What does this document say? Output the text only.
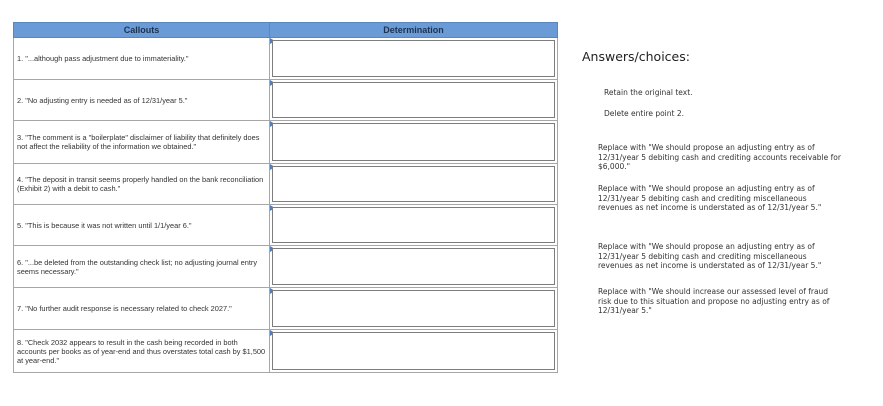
Callouts	Determination
1. "...although pass adjustment due to immateriality."	

2. "No adjusting entry is needed as of 12/31/year 5."	

3. "The comment is a "boilerplate" disclaimer of liability that definitely does not affect the reliability of the information we obtained."	

4. "The deposit in transit seems properly handled on the bank reconciliation (Exhibit 2) with a debit to cash."	

5. "This is because it was not written until 1/1/year 6."	

6. "...be deleted from the outstanding check list; no adjusting journal entry seems necessary."	

7. "No further audit response is necessary related to check 2027."	

8. "Check 2032 appears to result in the cash being recorded in both accounts per books as of year-end and thus overstates total cash by $1,500 at year-end."	
Answers/choices:
Retain the original text.
Delete entire point 2.
Replace with "We should propose an adjusting entry as of 12/31/year 5 debiting cash and crediting accounts receivable for $6,000."
Replace with "We should propose an adjusting entry as of 12/31/year 5 debiting cash and crediting miscellaneous revenues as net income is understated as of 12/31/year 5."
Replace with "We should propose an adjusting entry as of 12/31/year 5 debiting cash and crediting miscellaneous revenues as net income is understated as of 12/31/year 5."
Replace with "We should increase our assessed level of fraud risk due to this situation and propose no adjusting entry as of 12/31/year 5."
